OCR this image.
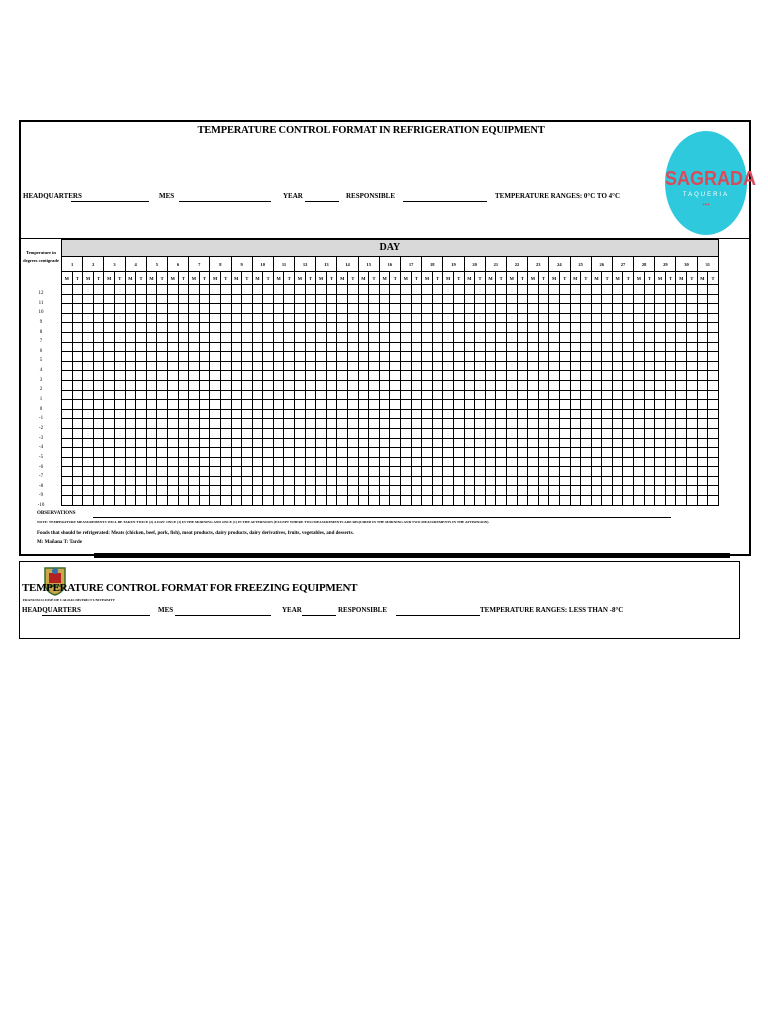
TEMPERATURE CONTROL FORMAT IN REFRIGERATION EQUIPMENT
HEADQUARTERS	MES	YEAR	RESPONSIBLE	TEMPERATURE RANGES: 0°C TO 4°C
SAGRADA
TAQUERIA
•••
Temperature in degrees centigrade
12
11
10
9
8
7
6
5
4
3
2
1
0
-1
-2
-3
-4
-5
-6
-7
-8
-9
-10
DAY																																																													
1		2		3		4		5		6		7		8		9		10		11		12		13		14		15		16		17		18		19		20		21		22		23		24		25		26		27		28		29		30		31	
M	T	M	T	M	T	M	T	M	T	M	T	M	T	M	T	M	T	M	T	M	T	M	T	M	T	M	T	M	T	M	T	M	T	M	T	M	T	M	T	M	T	M	T	M	T	M	T	M	T	M	T	M	T	M	T	M	T	M	T	M	T

OBSERVATIONS
NOTE: TEMPERATURE MEASUREMENTS WILL BE TAKEN TWICE (2) A DAY: ONCE (1) IN THE MORNING AND ONCE (1) IN THE AFTERNOON (EXCEPT WHERE TWO MEASUREMENTS ARE REQUIRED IN THE MORNING AND TWO MEASUREMENTS IN THE AFTERNOON).
Foods that should be refrigerated: Meats (chicken, beef, pork, fish), meat products, dairy products, dairy derivatives, fruits, vegetables, and desserts.
M: Mañana T: Tarde
TEMPERATURE CONTROL FORMAT FOR FREEZING EQUIPMENT
FRANCISCO JOSÉ DE CALDAS DISTRICT UNIVERSITY
HEADQUARTERS	MES	YEAR	RESPONSIBLE	TEMPERATURE RANGES: LESS THAN -8°C
